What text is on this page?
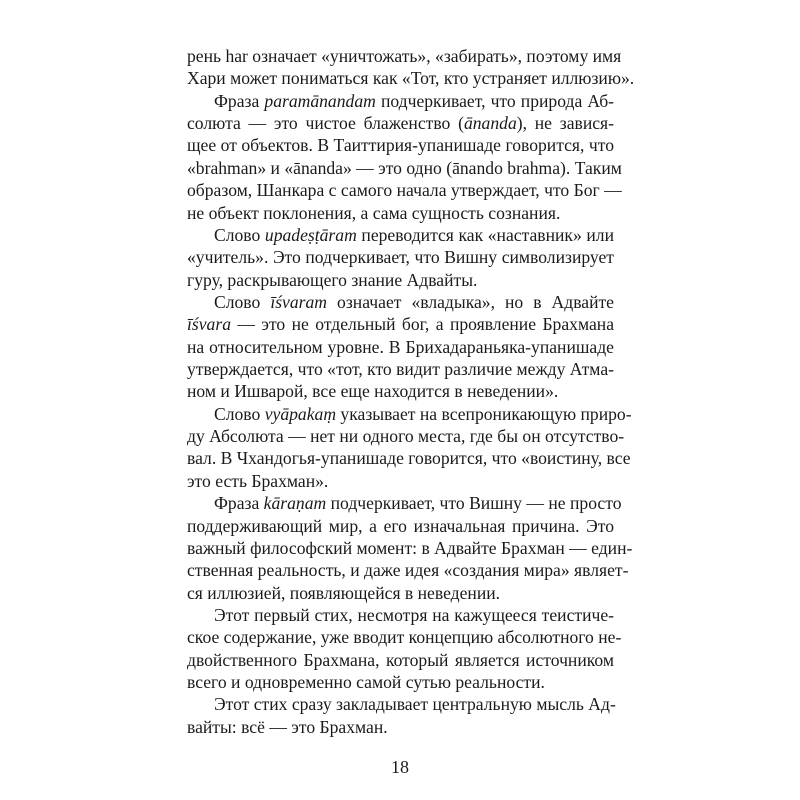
рень har означает «уничтожать», «забирать», поэтому имя
Хари может пониматься как «Тот, кто устраняет иллюзию».
Фраза paramānandam подчеркивает, что природа Аб-
солюта — это чистое блаженство (ānanda), не завися-
щее от объектов. В Таиттирия-упанишаде говорится, что
«brahman» и «ānanda» — это одно (ānando brahma). Таким
образом, Шанкара с самого начала утверждает, что Бог —
не объект поклонения, а сама сущность сознания.
Слово upadeṣṭāram переводится как «наставник» или
«учитель». Это подчеркивает, что Вишну символизирует
гуру, раскрывающего знание Адвайты.
Слово īśvaram означает «владыка», но в Адвайте
īśvara — это не отдельный бог, а проявление Брахмана
на относительном уровне. В Брихадараньяка-упанишаде
утверждается, что «тот, кто видит различие между Атма-
ном и Ишварой, все еще находится в неведении».
Слово vyāpakaṃ указывает на всепроникающую приро-
ду Абсолюта — нет ни одного места, где бы он отсутство-
вал. В Чхандогья-упанишаде говорится, что «воистину, все
это есть Брахман».
Фраза kāraṇam подчеркивает, что Вишну — не просто
поддерживающий мир, а его изначальная причина. Это
важный философский момент: в Адвайте Брахман — един-
ственная реальность, и даже идея «создания мира» являет-
ся иллюзией, появляющейся в неведении.
Этот первый стих, несмотря на кажущееся теистиче-
ское содержание, уже вводит концепцию абсолютного не-
двойственного Брахмана, который является источником
всего и одновременно самой сутью реальности.
Этот стих сразу закладывает центральную мысль Ад-
вайты: всё — это Брахман.
18
